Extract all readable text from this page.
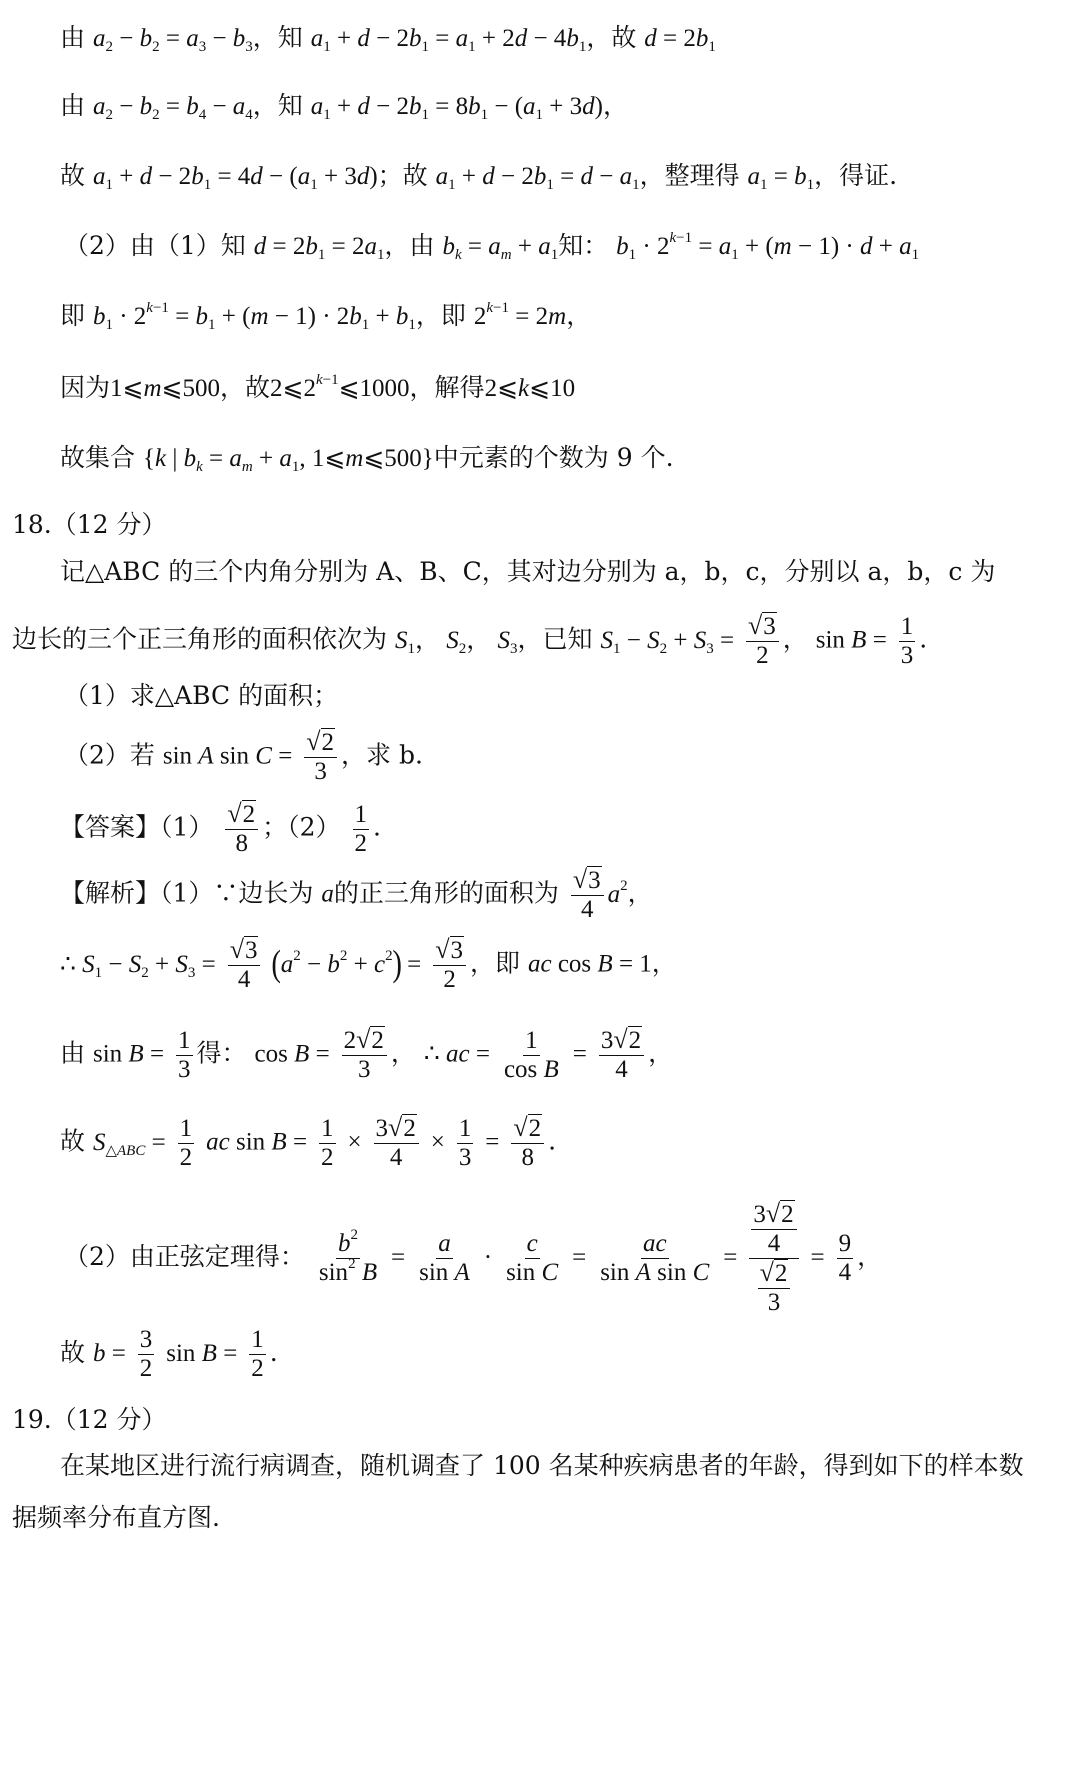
由 $a_2 - b_2 = a_3 - b_3$，知 $a_1 + d - 2b_1 = a_1 + 2d - 4b_1$，故 $d = 2b_1$
由 $a_2 - b_2 = b_4 - a_4$，知 $a_1 + d - 2b_1 = 8b_1 - (a_1 + 3d)$，
故 $a_1 + d - 2b_1 = 4d - (a_1 + 3d)$；故 $a_1 + d - 2b_1 = d - a_1$，整理得 $a_1 = b_1$，得证.
（2）由（1）知 $d = 2b_1 = 2a_1$，由 $b_k = a_m + a_1$知： $b_1 \cdot 2^{k-1} = a_1 + (m - 1) \cdot d + a_1$
即 $b_1 \cdot 2^{k-1} = b_1 + (m - 1) \cdot 2b_1 + b_1$，即 $2^{k-1} = 2m$，
因为1⩽m⩽500，故$2⩽2^{k-1}⩽1000$，解得2⩽k⩽10
故集合 {k | $b_k = a_m + a_1$, 1⩽m⩽500}中元素的个数为 9 个.
18.（12 分）
记△ABC 的三个内角分别为 A、B、C，其对边分别为 a，b，c，分别以 a，b，c 为
边长的三个正三角形的面积依次为 $S_1$， $S_2$， $S_3$，已知 $S_1 - S_2 + S_3 = \frac{√3}{2}$ ， $\sin B = \frac{1}{3}$ .
（1）求△ABC 的面积；
（2）若 sin A $\sin C = \frac{√2}{3}$ ，求 b.
【答案】$(1) \frac{√2}{8}$ ；$(2) \frac{1}{2}$ .
【解析】（1）∵边长为 a的正三角形的面积为 $\frac{√3}{4} a^2$，
∴ $S_1 - S_2 + S_3 = \frac{√3}{4} (a^2 - b^2 + c^2) = \frac{√3}{2}$ ，即 ac cos B = 1，
由 $\sin B = \frac{1}{3}$ 得： $\cos B = \frac{2√2}{3}$ ， ∴ ac = $\frac{1}{\text{cos B}} = \frac{3√2}{4}$ ，
故 $S_{\triangle ABC} = \frac{1}{2}$ ac $\sin B = \frac{1}{2} \times \frac{3√2}{4} \times \frac{1}{3} = \frac{√2}{8}$ .
（2）由正弦定理得： $\frac{b^2}{\sin^2 B} = \frac{a}{\text{sin A}} \cdot \frac{c}{\text{sin C}} = \frac{ac}{\text{sin A sin C}} = \frac{\frac{3√2}{4}}{\frac{√2}{3}} = \frac{9}{4}$ ，
故 $b = \frac{3}{2}$ $\sin B = \frac{1}{2}$ .
19.（12 分）
在某地区进行流行病调查，随机调查了 100 名某种疾病患者的年龄，得到如下的样本数
据频率分布直方图.
